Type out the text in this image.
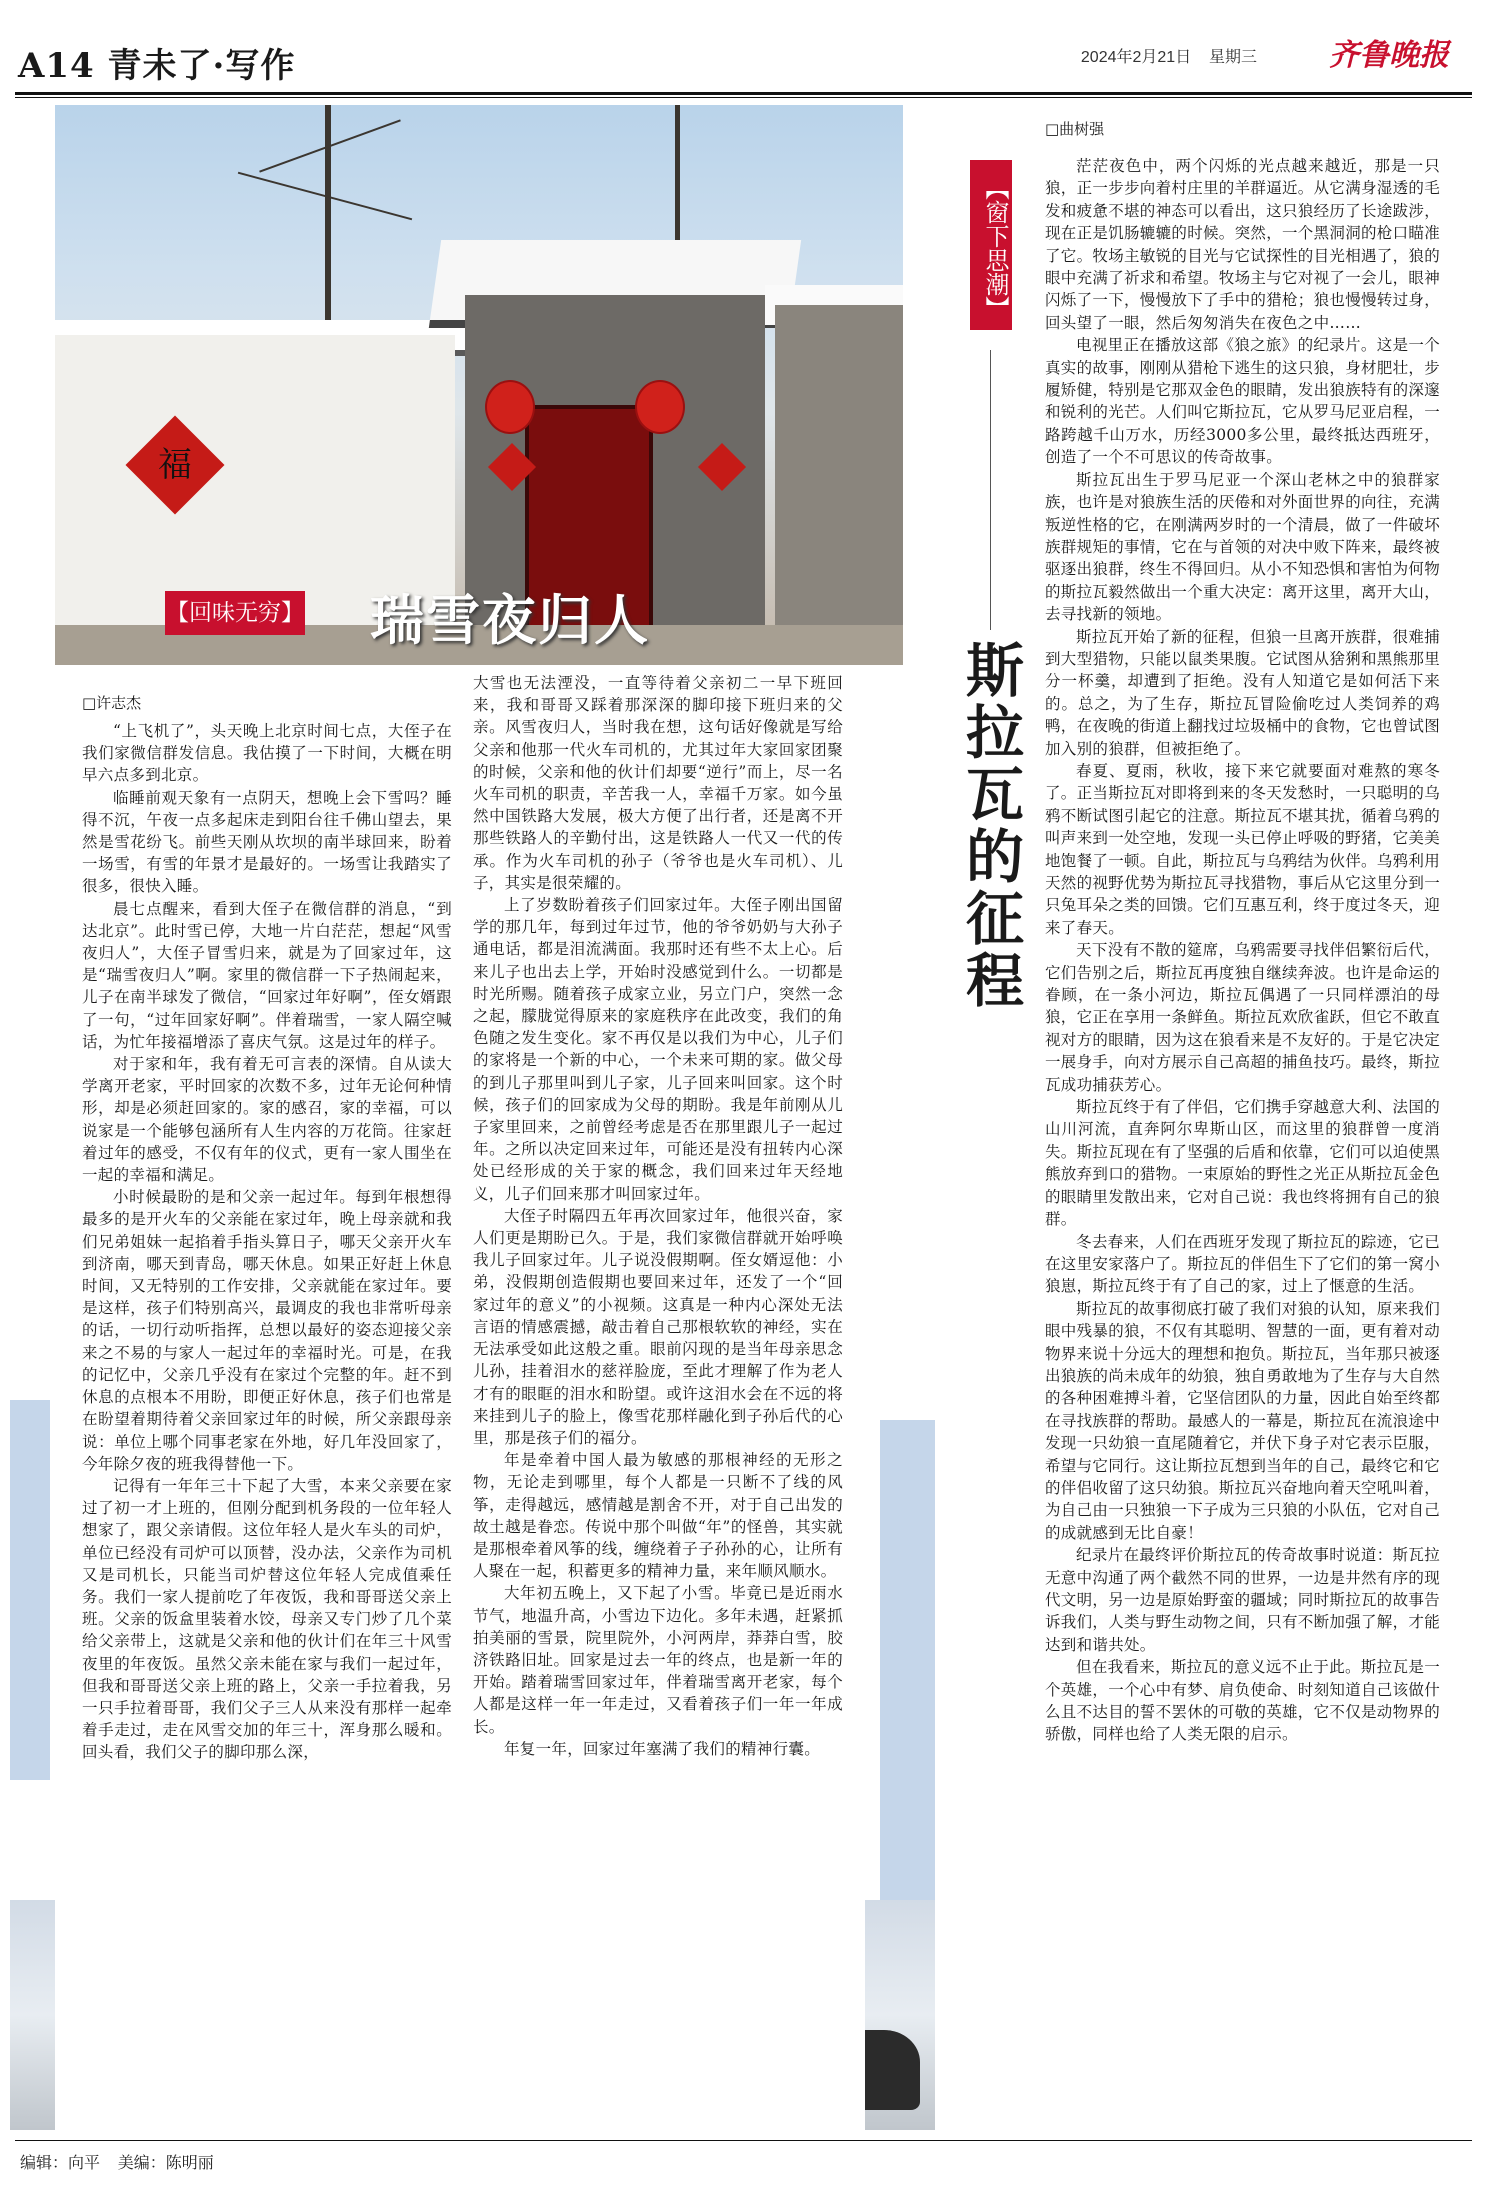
A14 青未了·写作	2024年2月21日 星期三 齐鲁晚报
福
【回味无穷】 瑞雪夜归人
□许志杰

“上飞机了”，头天晚上北京时间七点，大侄子在我们家微信群发信息。我估摸了一下时间，大概在明早六点多到北京。

临睡前观天象有一点阴天，想晚上会下雪吗？睡得不沉，午夜一点多起床走到阳台往千佛山望去，果然是雪花纷飞。前些天刚从坎坝的南半球回来，盼着一场雪，有雪的年景才是最好的。一场雪让我踏实了很多，很快入睡。

晨七点醒来，看到大侄子在微信群的消息，“到达北京”。此时雪已停，大地一片白茫茫，想起“风雪夜归人”，大侄子冒雪归来，就是为了回家过年，这是“瑞雪夜归人”啊。家里的微信群一下子热闹起来，儿子在南半球发了微信，“回家过年好啊”，侄女婿跟了一句，“过年回家好啊”。伴着瑞雪，一家人隔空喊话，为忙年接福增添了喜庆气氛。这是过年的样子。

对于家和年，我有着无可言表的深情。自从读大学离开老家，平时回家的次数不多，过年无论何种情形，却是必须赶回家的。家的感召，家的幸福，可以说家是一个能够包涵所有人生内容的万花筒。往家赶着过年的感受，不仅有年的仪式，更有一家人围坐在一起的幸福和满足。

小时候最盼的是和父亲一起过年。每到年根想得最多的是开火车的父亲能在家过年，晚上母亲就和我们兄弟姐妹一起掐着手指头算日子，哪天父亲开火车到济南，哪天到青岛，哪天休息。如果正好赶上休息时间，又无特别的工作安排，父亲就能在家过年。要是这样，孩子们特别高兴，最调皮的我也非常听母亲的话，一切行动听指挥，总想以最好的姿态迎接父亲来之不易的与家人一起过年的幸福时光。可是，在我的记忆中，父亲几乎没有在家过个完整的年。赶不到休息的点根本不用盼，即便正好休息，孩子们也常是在盼望着期待着父亲回家过年的时候，所父亲跟母亲说：单位上哪个同事老家在外地，好几年没回家了，今年除夕夜的班我得替他一下。

记得有一年年三十下起了大雪，本来父亲要在家过了初一才上班的，但刚分配到机务段的一位年轻人想家了，跟父亲请假。这位年轻人是火车头的司炉，单位已经没有司炉可以顶替，没办法，父亲作为司机又是司机长，只能当司炉替这位年轻人完成值乘任务。我们一家人提前吃了年夜饭，我和哥哥送父亲上班。父亲的饭盒里装着水饺，母亲又专门炒了几个菜给父亲带上，这就是父亲和他的伙计们在年三十风雪夜里的年夜饭。虽然父亲未能在家与我们一起过年，但我和哥哥送父亲上班的路上，父亲一手拉着我，另一只手拉着哥哥，我们父子三人从来没有那样一起牵着手走过，走在风雪交加的年三十，浑身那么暖和。回头看，我们父子的脚印那么深，

大雪也无法湮没，一直等待着父亲初二一早下班回来，我和哥哥又踩着那深深的脚印接下班归来的父亲。风雪夜归人，当时我在想，这句话好像就是写给父亲和他那一代火车司机的，尤其过年大家回家团聚的时候，父亲和他的伙计们却要“逆行”而上，尽一名火车司机的职责，辛苦我一人，幸福千万家。如今虽然中国铁路大发展，极大方便了出行者，还是离不开那些铁路人的辛勤付出，这是铁路人一代又一代的传承。作为火车司机的孙子（爷爷也是火车司机）、儿子，其实是很荣耀的。

上了岁数盼着孩子们回家过年。大侄子刚出国留学的那几年，每到过年过节，他的爷爷奶奶与大孙子通电话，都是泪流满面。我那时还有些不太上心。后来儿子也出去上学，开始时没感觉到什么。一切都是时光所赐。随着孩子成家立业，另立门户，突然一念之起，朦胧觉得原来的家庭秩序在此改变，我们的角色随之发生变化。家不再仅是以我们为中心，儿子们的家将是一个新的中心，一个未来可期的家。做父母的到儿子那里叫到儿子家，儿子回来叫回家。这个时候，孩子们的回家成为父母的期盼。我是年前刚从儿子家里回来，之前曾经考虑是否在那里跟儿子一起过年。之所以决定回来过年，可能还是没有扭转内心深处已经形成的关于家的概念，我们回来过年天经地义，儿子们回来那才叫回家过年。

大侄子时隔四五年再次回家过年，他很兴奋，家人们更是期盼已久。于是，我们家微信群就开始呼唤我儿子回家过年。儿子说没假期啊。侄女婿逗他：小弟，没假期创造假期也要回来过年，还发了一个“回家过年的意义”的小视频。这真是一种内心深处无法言语的情感震撼，敲击着自己那根软软的神经，实在无法承受如此这般之重。眼前闪现的是当年母亲思念儿孙，挂着泪水的慈祥脸庞，至此才理解了作为老人才有的眼眶的泪水和盼望。或许这泪水会在不远的将来挂到儿子的脸上，像雪花那样融化到子孙后代的心里，那是孩子们的福分。

年是牵着中国人最为敏感的那根神经的无形之物，无论走到哪里，每个人都是一只断不了线的风筝，走得越远，感情越是割舍不开，对于自己出发的故土越是眷恋。传说中那个叫做“年”的怪兽，其实就是那根牵着风筝的线，缠绕着子子孙孙的心，让所有人聚在一起，积蓄更多的精神力量，来年顺风顺水。

大年初五晚上，又下起了小雪。毕竟已是近雨水节气，地温升高，小雪边下边化。多年未遇，赶紧抓拍美丽的雪景，院里院外，小河两岸，莽莽白雪，胶济铁路旧址。回家是过去一年的终点，也是新一年的开始。踏着瑞雪回家过年，伴着瑞雪离开老家，每个人都是这样一年一年走过，又看着孩子们一年一年成长。

年复一年，回家过年塞满了我们的精神行囊。

【窗下思潮】
斯拉瓦的征程
□曲树强

茫茫夜色中，两个闪烁的光点越来越近，那是一只狼，正一步步向着村庄里的羊群逼近。从它满身湿透的毛发和疲惫不堪的神态可以看出，这只狼经历了长途跋涉，现在正是饥肠辘辘的时候。突然，一个黑洞洞的枪口瞄准了它。牧场主敏锐的目光与它试探性的目光相遇了，狼的眼中充满了祈求和希望。牧场主与它对视了一会儿，眼神闪烁了一下，慢慢放下了手中的猎枪；狼也慢慢转过身，回头望了一眼，然后匆匆消失在夜色之中……

电视里正在播放这部《狼之旅》的纪录片。这是一个真实的故事，刚刚从猎枪下逃生的这只狼，身材肥壮，步履矫健，特别是它那双金色的眼睛，发出狼族特有的深邃和锐利的光芒。人们叫它斯拉瓦，它从罗马尼亚启程，一路跨越千山万水，历经3000多公里，最终抵达西班牙，创造了一个不可思议的传奇故事。

斯拉瓦出生于罗马尼亚一个深山老林之中的狼群家族，也许是对狼族生活的厌倦和对外面世界的向往，充满叛逆性格的它，在刚满两岁时的一个清晨，做了一件破坏族群规矩的事情，它在与首领的对决中败下阵来，最终被驱逐出狼群，终生不得回归。从小不知恐惧和害怕为何物的斯拉瓦毅然做出一个重大决定：离开这里，离开大山，去寻找新的领地。

斯拉瓦开始了新的征程，但狼一旦离开族群，很难捕到大型猎物，只能以鼠类果腹。它试图从猞猁和黑熊那里分一杯羹，却遭到了拒绝。没有人知道它是如何活下来的。总之，为了生存，斯拉瓦冒险偷吃过人类饲养的鸡鸭，在夜晚的街道上翻找过垃圾桶中的食物，它也曾试图加入别的狼群，但被拒绝了。

春夏、夏雨，秋收，接下来它就要面对难熬的寒冬了。正当斯拉瓦对即将到来的冬天发愁时，一只聪明的乌鸦不断试图引起它的注意。斯拉瓦不堪其扰，循着乌鸦的叫声来到一处空地，发现一头已停止呼吸的野猪，它美美地饱餐了一顿。自此，斯拉瓦与乌鸦结为伙伴。乌鸦利用天然的视野优势为斯拉瓦寻找猎物，事后从它这里分到一只兔耳朵之类的回馈。它们互惠互利，终于度过冬天，迎来了春天。

天下没有不散的筵席，乌鸦需要寻找伴侣繁衍后代，它们告别之后，斯拉瓦再度独自继续奔波。也许是命运的眷顾，在一条小河边，斯拉瓦偶遇了一只同样漂泊的母狼，它正在享用一条鲜鱼。斯拉瓦欢欣雀跃，但它不敢直视对方的眼睛，因为这在狼看来是不友好的。于是它决定一展身手，向对方展示自己高超的捕鱼技巧。最终，斯拉瓦成功捕获芳心。

斯拉瓦终于有了伴侣，它们携手穿越意大利、法国的山川河流，直奔阿尔卑斯山区，而这里的狼群曾一度消失。斯拉瓦现在有了坚强的后盾和依靠，它们可以迫使黑熊放弃到口的猎物。一束原始的野性之光正从斯拉瓦金色的眼睛里发散出来，它对自己说：我也终将拥有自己的狼群。

冬去春来，人们在西班牙发现了斯拉瓦的踪迹，它已在这里安家落户了。斯拉瓦的伴侣生下了它们的第一窝小狼崽，斯拉瓦终于有了自己的家，过上了惬意的生活。

斯拉瓦的故事彻底打破了我们对狼的认知，原来我们眼中残暴的狼，不仅有其聪明、智慧的一面，更有着对动物界来说十分远大的理想和抱负。斯拉瓦，当年那只被逐出狼族的尚未成年的幼狼，独自勇敢地为了生存与大自然的各种困难搏斗着，它坚信团队的力量，因此自始至终都在寻找族群的帮助。最感人的一幕是，斯拉瓦在流浪途中发现一只幼狼一直尾随着它，并伏下身子对它表示臣服，希望与它同行。这让斯拉瓦想到当年的自己，最终它和它的伴侣收留了这只幼狼。斯拉瓦兴奋地向着天空吼叫着，为自己由一只独狼一下子成为三只狼的小队伍，它对自己的成就感到无比自豪！

纪录片在最终评价斯拉瓦的传奇故事时说道：斯瓦拉无意中沟通了两个截然不同的世界，一边是井然有序的现代文明，另一边是原始野蛮的疆域；同时斯拉瓦的故事告诉我们，人类与野生动物之间，只有不断加强了解，才能达到和谐共处。

但在我看来，斯拉瓦的意义远不止于此。斯拉瓦是一个英雄，一个心中有梦、肩负使命、时刻知道自己该做什么且不达目的誓不罢休的可敬的英雄，它不仅是动物界的骄傲，同样也给了人类无限的启示。

编辑：向平 美编：陈明丽
